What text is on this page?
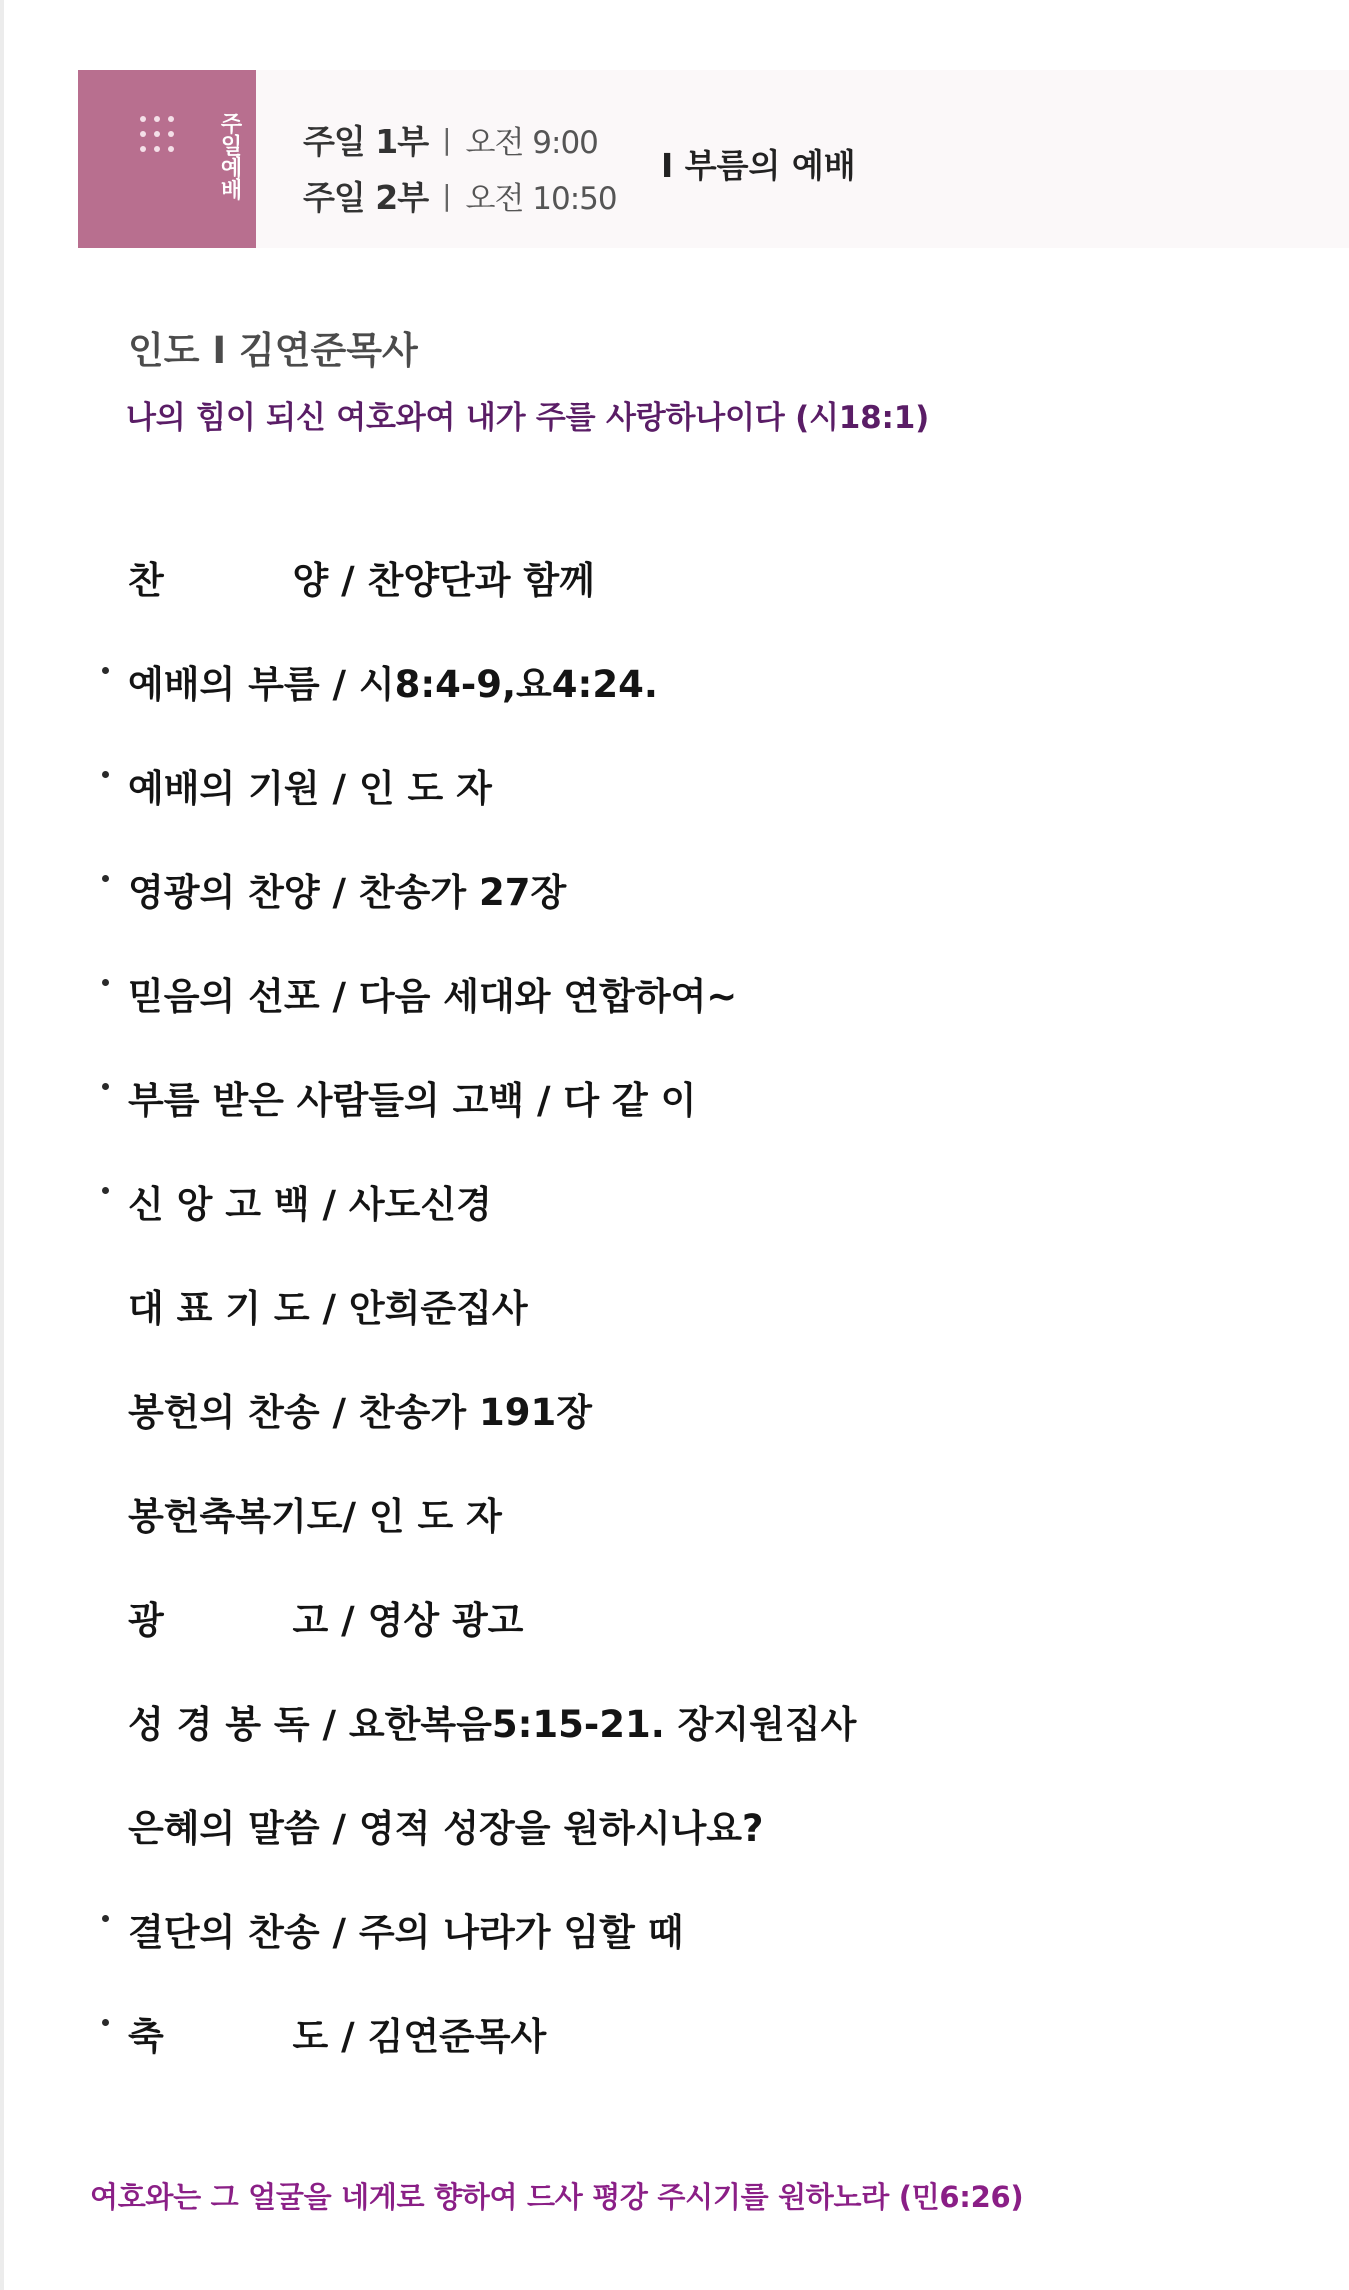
주일예배 주일 1부 | 오전 9:00
주일 2부 | 오전 10:50
I 부름의 예배
인도 I 김연준목사
나의 힘이 되신 여호와여 내가 주를 사랑하나이다 (시18:1)
찬          양 / 찬양단과 함께
예배의 부름 / 시8:4-9,요4:24.
예배의 기원 / 인 도 자
영광의 찬양 / 찬송가 27장
믿음의 선포 / 다음 세대와 연합하여~
부름 받은 사람들의 고백 / 다 같 이
신 앙 고 백 / 사도신경
대 표 기 도 / 안희준집사
봉헌의 찬송 / 찬송가 191장
봉헌축복기도/ 인 도 자
광          고 / 영상 광고
성 경 봉 독 / 요한복음5:15-21. 장지원집사
은혜의 말씀 / 영적 성장을 원하시나요?
결단의 찬송 / 주의 나라가 임할 때
축          도 / 김연준목사
여호와는 그 얼굴을 네게로 향하여 드사 평강 주시기를 원하노라 (민6:26)
